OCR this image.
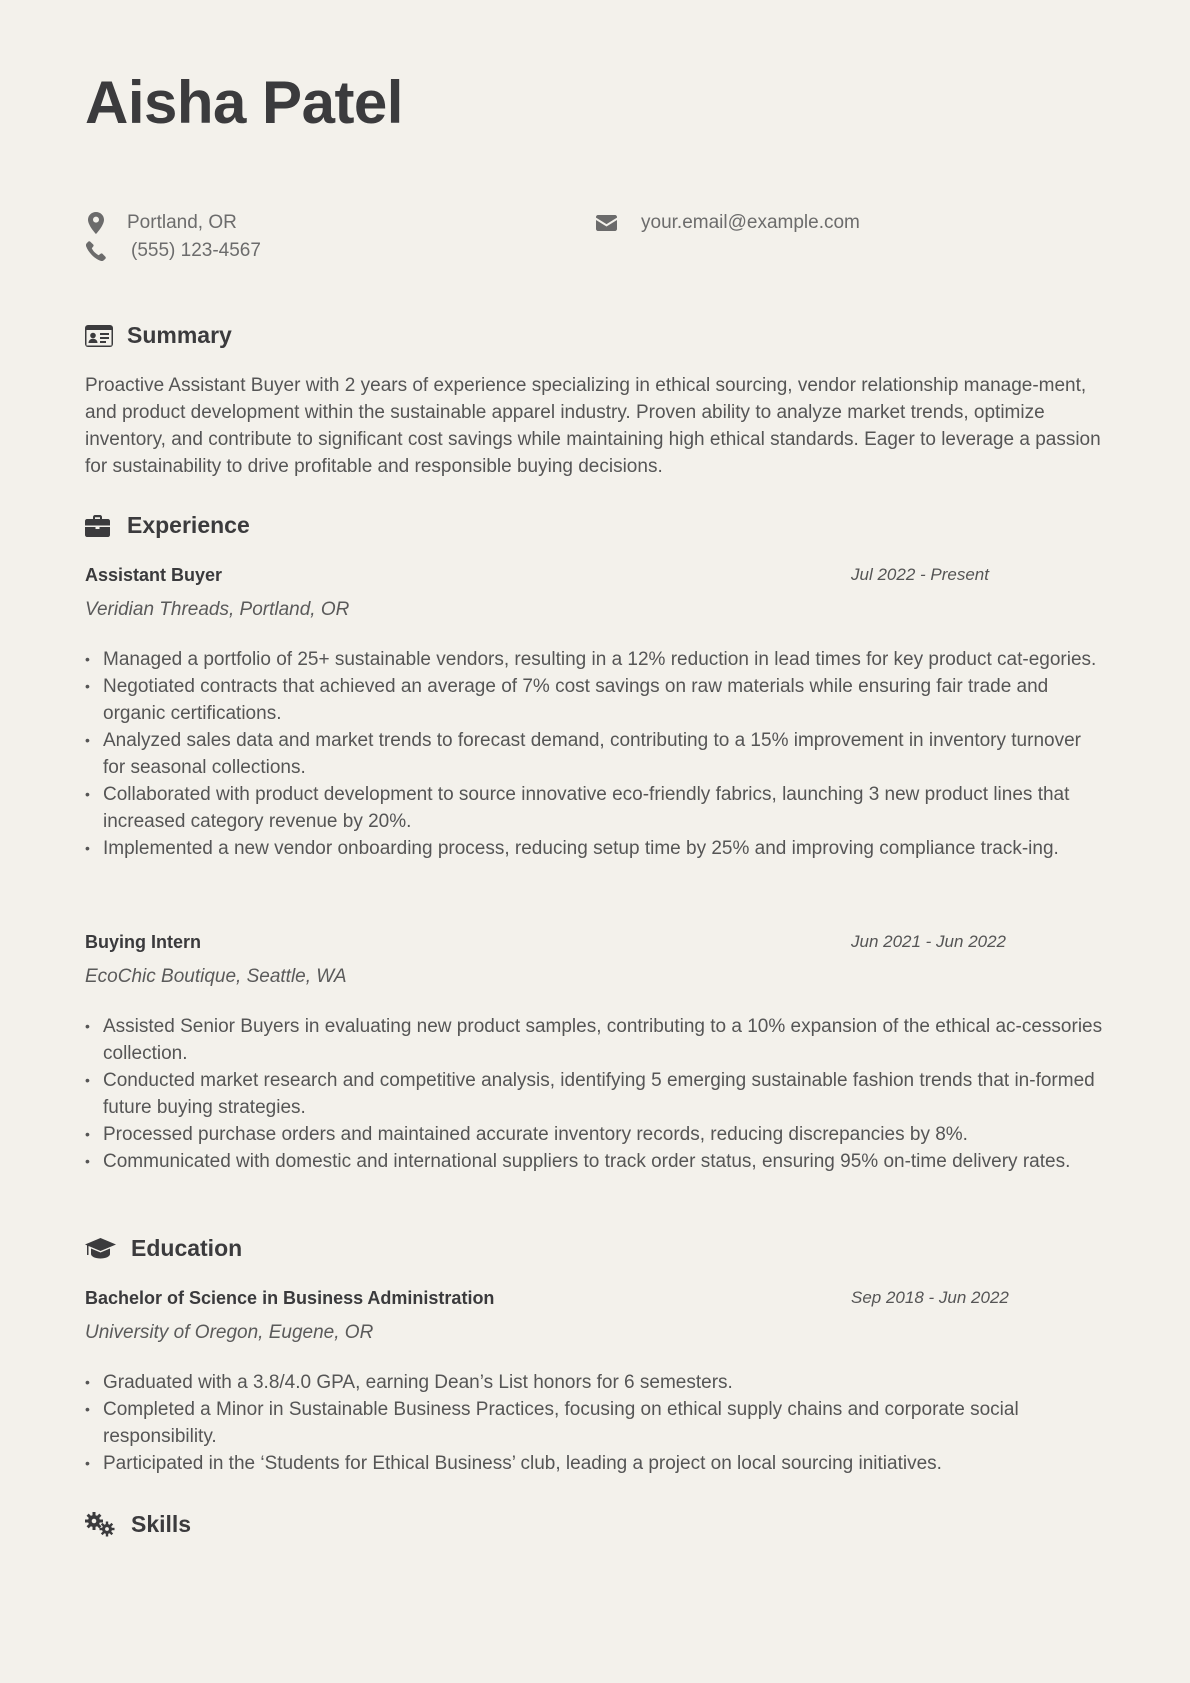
Aisha Patel
Portland, OR
(555) 123-4567
your.email@example.com
Summary

Proactive Assistant Buyer with 2 years of experience specializing in ethical sourcing, vendor relationship manage-ment, and product development within the sustainable apparel industry. Proven ability to analyze market trends, optimize inventory, and contribute to significant cost savings while maintaining high ethical standards. Eager to leverage a passion for sustainability to drive profitable and responsible buying decisions.

Experience
Assistant Buyer	Jul 2022 - Present
Veridian Threads, Portland, OR
• Managed a portfolio of 25+ sustainable vendors, resulting in a 12% reduction in lead times for key product cat-egories.
• Negotiated contracts that achieved an average of 7% cost savings on raw materials while ensuring fair trade and organic certifications.
• Analyzed sales data and market trends to forecast demand, contributing to a 15% improvement in inventory turnover for seasonal collections.
• Collaborated with product development to source innovative eco-friendly fabrics, launching 3 new product lines that increased category revenue by 20%.
• Implemented a new vendor onboarding process, reducing setup time by 25% and improving compliance track-ing.
Buying Intern	Jun 2021 - Jun 2022
EcoChic Boutique, Seattle, WA
• Assisted Senior Buyers in evaluating new product samples, contributing to a 10% expansion of the ethical ac-cessories collection.
• Conducted market research and competitive analysis, identifying 5 emerging sustainable fashion trends that in-formed future buying strategies.
• Processed purchase orders and maintained accurate inventory records, reducing discrepancies by 8%.
• Communicated with domestic and international suppliers to track order status, ensuring 95% on-time delivery rates.
Education
Bachelor of Science in Business Administration	Sep 2018 - Jun 2022
University of Oregon, Eugene, OR
• Graduated with a 3.8/4.0 GPA, earning Dean’s List honors for 6 semesters.
• Completed a Minor in Sustainable Business Practices, focusing on ethical supply chains and corporate social responsibility.
• Participated in the ‘Students for Ethical Business’ club, leading a project on local sourcing initiatives.
Skills
